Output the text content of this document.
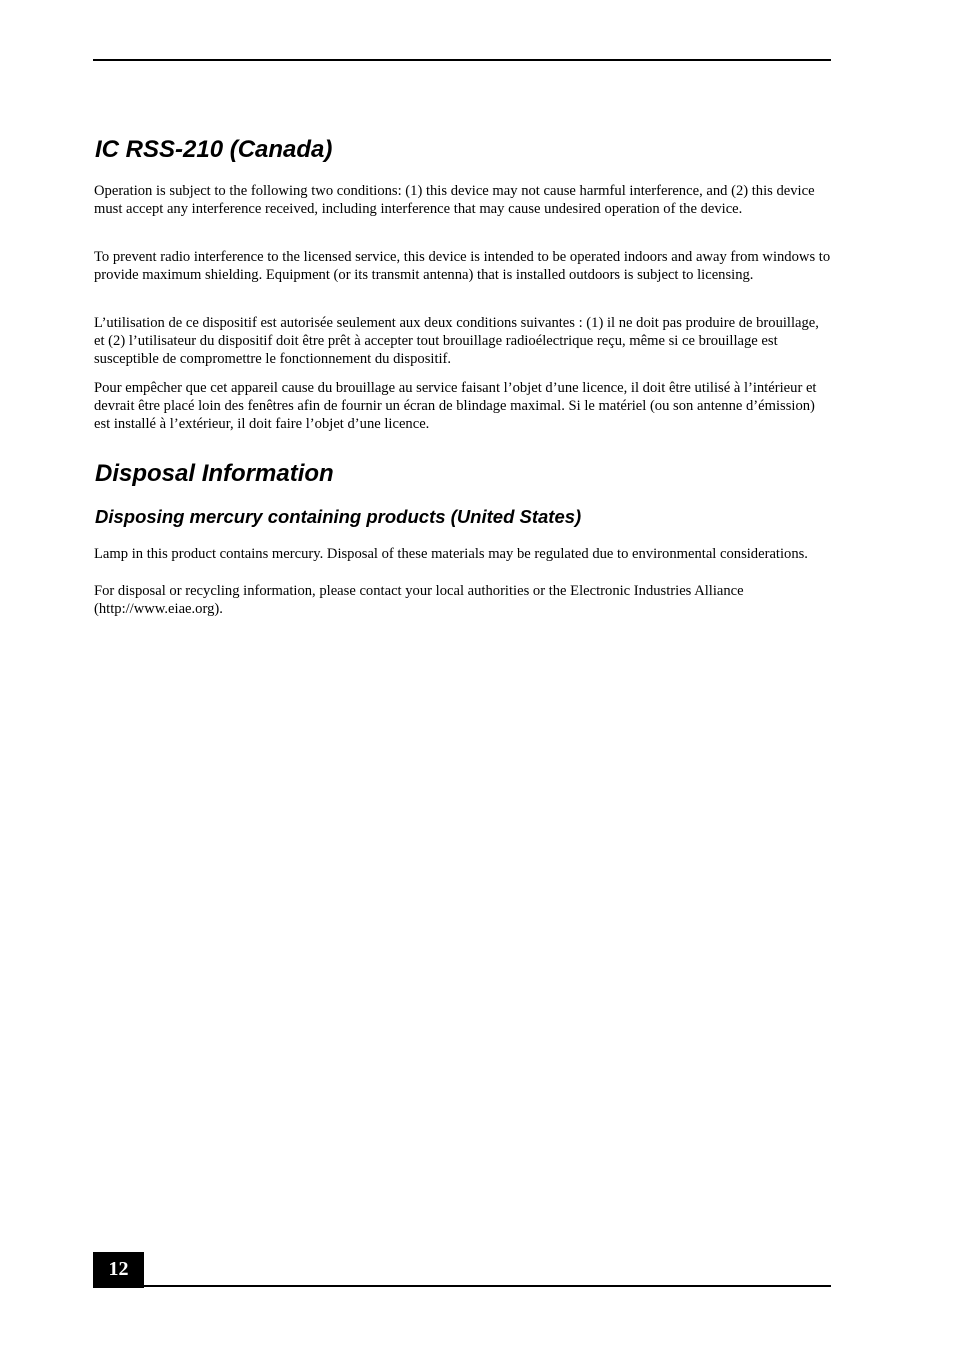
IC RSS-210 (Canada)

Operation is subject to the following two conditions: (1) this device may not cause harmful interference, and (2) this device must accept any interference received, including interference that may cause undesired operation of the device.

To prevent radio interference to the licensed service, this device is intended to be operated indoors and away from windows to provide maximum shielding. Equipment (or its transmit antenna) that is installed outdoors is subject to licensing.

L’utilisation de ce dispositif est autorisée seulement aux deux conditions suivantes : (1) il ne doit pas produire de brouillage, et (2) l’utilisateur du dispositif doit être prêt à accepter tout brouillage radioélectrique reçu, même si ce brouillage est susceptible de compromettre le fonctionnement du dispositif.

Pour empêcher que cet appareil cause du brouillage au service faisant l’objet d’une licence, il doit être utilisé à l’intérieur et devrait être placé loin des fenêtres afin de fournir un écran de blindage maximal. Si le matériel (ou son antenne d’émission) est installé à l’extérieur, il doit faire l’objet d’une licence.

Disposal Information
Disposing mercury containing products (United States)

Lamp in this product contains mercury. Disposal of these materials may be regulated due to environmental considerations.

For disposal or recycling information, please contact your local authorities or the Electronic Industries Alliance (http://www.eiae.org).

12
